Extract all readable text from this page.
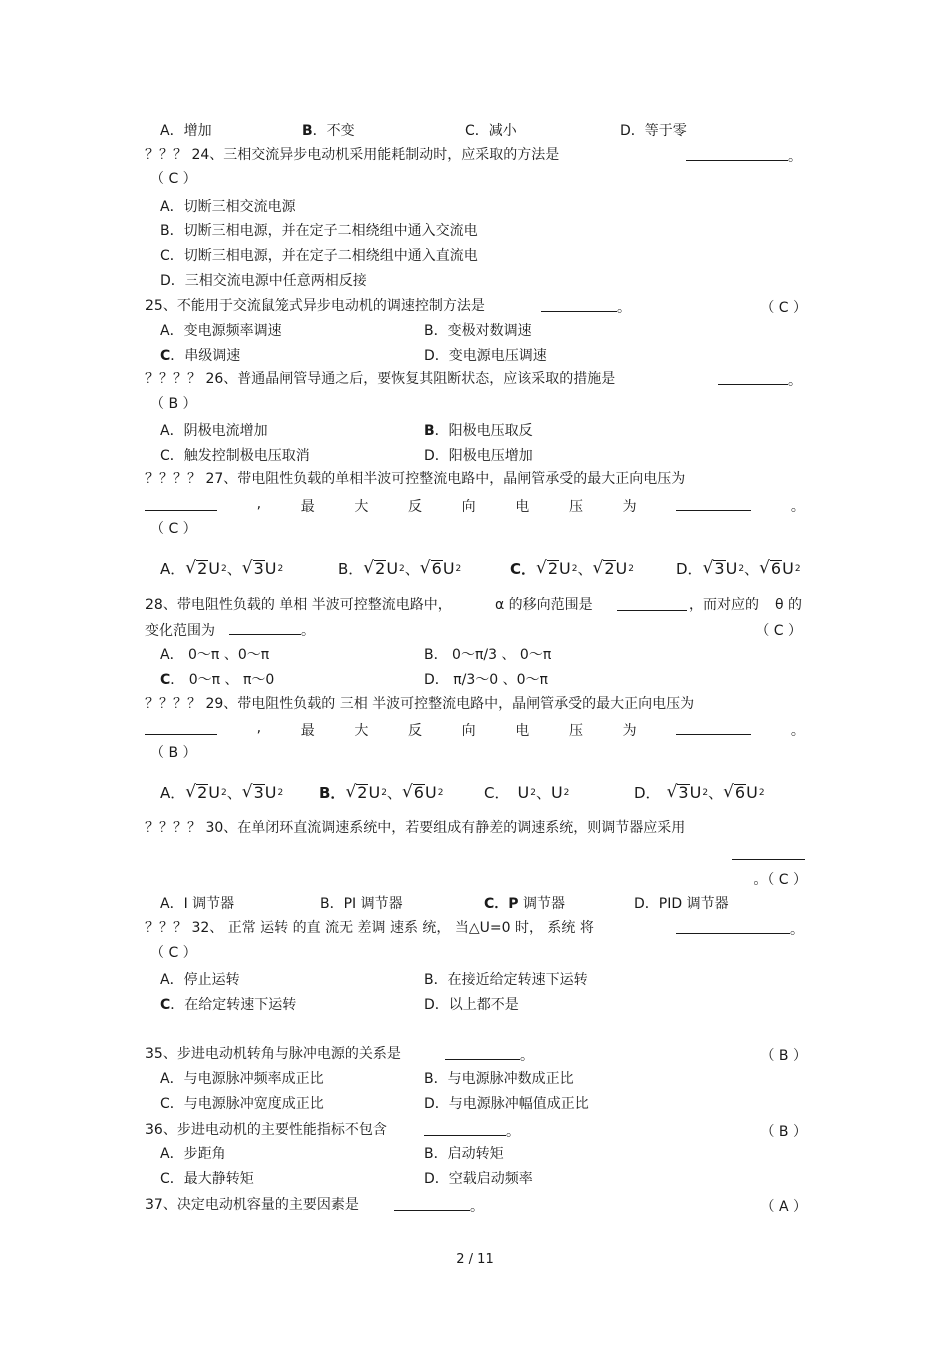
A．增加	B．不变	C．减小	D．等于零
？？？ 24、三相交流异步电动机采用能耗制动时，应采取的方法是	。
（ C ）
A．切断三相交流电源
B．切断三相电源，并在定子二相绕组中通入交流电
C．切断三相电源，并在定子二相绕组中通入直流电
D．三相交流电源中任意两相反接
25、不能用于交流鼠笼式异步电动机的调速控制方法是	。	（ C ）
A．变电源频率调速	B．变极对数调速
C．串级调速	D．变电源电压调速
？？？？ 26、普通晶闸管导通之后，要恢复其阻断状态，应该采取的措施是	。
（ B ）
A．阴极电流增加	B．阳极电压取反
C．触发控制极电压取消	D．阳极电压增加
？？？？ 27、带电阻性负载的单相半波可控整流电路中，晶闸管承受的最大正向电压为
,	最	大	反	向	电	压	为	。
（ C ）
A． √ 2 U 2 、 √ 3 U 2	B． √ 2 U 2 、 √ 6 U 2	C． √ 2 U 2 、 √ 2 U 2	D． √ 3 U 2 、 √ 6 U 2
28、带电阻性负载的 单相 半波可控整流电路中，	α 的移向范围是	，而对应的 θ 的
变化范围为	。	（ C ）
A． 0～π 、0～π	B． 0～π/3 、 0～π
C． 0～π 、 π～0	D． π/3～0 、0～π
？？？？ 29、带电阻性负载的 三相 半波可控整流电路中，晶闸管承受的最大正向电压为
,	最	大	反	向	电	压	为	。
（ B ）
A． √ 2 U 2 、 √ 3 U 2 B． √ 2 U 2 、 √ 6 U 2	C． U 2 、 U 2	D． √ 3 U 2 、 √ 6 U 2
？？？？ 30、在单闭环直流调速系统中，若要组成有静差的调速系统，则调节器应采用
。（ C ）
A．I 调节器	B．PI 调节器	C．P 调节器	D．PID 调节器
？？？ 32、 正常 运转 的直 流无 差调 速系 统， 当△U=0 时， 系统 将	。
（ C ）
A．停止运转	B．在接近给定转速下运转
C．在给定转速下运转	D．以上都不是
35、步进电动机转角与脉冲电源的关系是	。	（ B ）
A．与电源脉冲频率成正比	B．与电源脉冲数成正比
C．与电源脉冲宽度成正比	D．与电源脉冲幅值成正比
36、步进电动机的主要性能指标不包含	。	（ B ）
A．步距角	B．启动转矩
C．最大静转矩	D．空载启动频率
37、决定电动机容量的主要因素是	。	（ A ）
2 / 11
